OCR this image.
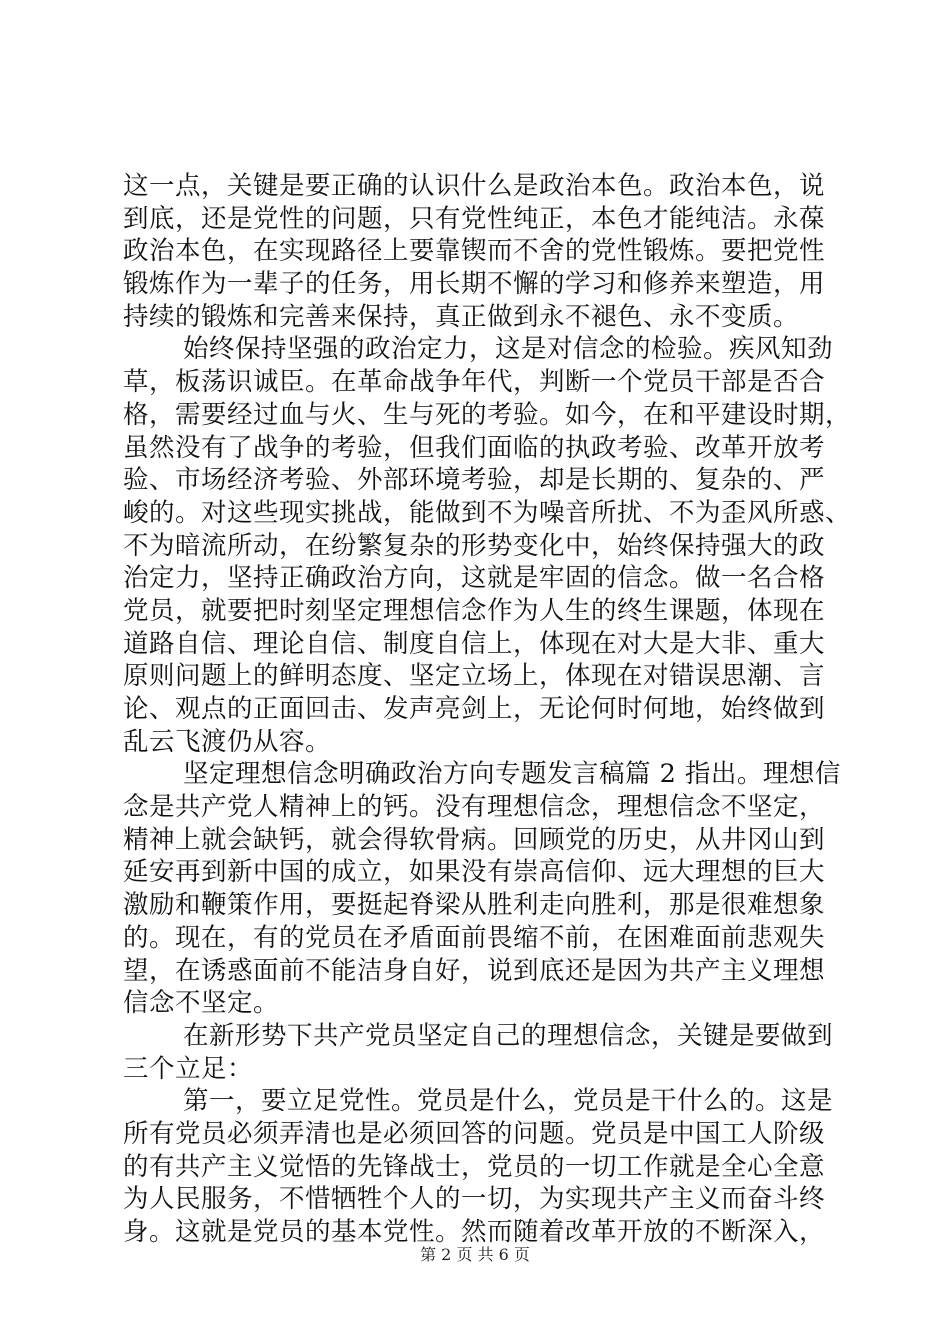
这一点，关键是要正确的认识什么是政治本色。政治本色，说
到底，还是党性的问题，只有党性纯正，本色才能纯洁。永葆
政治本色，在实现路径上要靠锲而不舍的党性锻炼。要把党性
锻炼作为一辈子的任务，用长期不懈的学习和修养来塑造，用
持续的锻炼和完善来保持，真正做到永不褪色、永不变质。
始终保持坚强的政治定力，这是对信念的检验。疾风知劲
草，板荡识诚臣。在革命战争年代，判断一个党员干部是否合
格，需要经过血与火、生与死的考验。如今，在和平建设时期，
虽然没有了战争的考验，但我们面临的执政考验、改革开放考
验、市场经济考验、外部环境考验，却是长期的、复杂的、严
峻的。对这些现实挑战，能做到不为噪音所扰、不为歪风所惑、
不为暗流所动，在纷繁复杂的形势变化中，始终保持强大的政
治定力，坚持正确政治方向，这就是牢固的信念。做一名合格
党员，就要把时刻坚定理想信念作为人生的终生课题，体现在
道路自信、理论自信、制度自信上，体现在对大是大非、重大
原则问题上的鲜明态度、坚定立场上，体现在对错误思潮、言
论、观点的正面回击、发声亮剑上，无论何时何地，始终做到
乱云飞渡仍从容。
坚定理想信念明确政治方向专题发言稿篇 2 指出。理想信
念是共产党人精神上的钙。没有理想信念，理想信念不坚定，
精神上就会缺钙，就会得软骨病。回顾党的历史，从井冈山到
延安再到新中国的成立，如果没有崇高信仰、远大理想的巨大
激励和鞭策作用，要挺起脊梁从胜利走向胜利，那是很难想象
的。现在，有的党员在矛盾面前畏缩不前，在困难面前悲观失
望，在诱惑面前不能洁身自好，说到底还是因为共产主义理想
信念不坚定。
在新形势下共产党员坚定自己的理想信念，关键是要做到
三个立足：
第一，要立足党性。党员是什么，党员是干什么的。这是
所有党员必须弄清也是必须回答的问题。党员是中国工人阶级
的有共产主义觉悟的先锋战士，党员的一切工作就是全心全意
为人民服务，不惜牺牲个人的一切，为实现共产主义而奋斗终
身。这就是党员的基本党性。然而随着改革开放的不断深入，
第 2 页 共 6 页
